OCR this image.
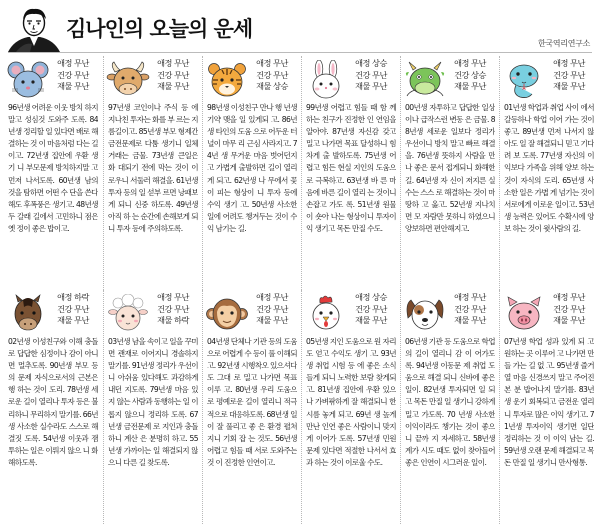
김나인의 오늘의 운세
한국역리연구소
애정 무난
건강 무난
재물 무난
96년생 어려운 이웃 방치 하지 말고 성심것 도와주 도록. 84년생 정리할 일 있다면 배로 해결하는 것 이 마음처럼 다는 길이고. 72년생 집안에 우환 생기 니 부모문제 방치하지말 고 먼저 나서도록. 60년생 남의 것을 탐하면 어떤 수 단을 쓴다해도 후폭풍은 생기고. 48년생 두 갈래 길에서 고민하니 점은 옛 정이 좋은 밥이고.
애정 무난
건강 무난
재물 무난
97년생 코인이나 주식 등 에 지나친 투자는 화를 부 르는 지름길이고. 85년생 부모 형제간 금전문제로 다툼 생기니 일체 거래는 금물. 73년생 큰일은 화 대되기 전에 막는 것이 이 로우니 서둘러 해결을. 61년생 투자 등의 일 섣부 르면 낭패보게 되니 신중 하도록. 49년생 아직 하 는 순간에 손해보게 되니 투자 등에 주의하도록.
애정 무난
건강 무난
재물 상승
98년생 이성친구 만나 행 년생기약 맺을 일 있게되 고. 86년생 타인의 도움 으로 어두운 터널이 마무 리 근심 사라지고. 74년 생 무거운 마음 벗어던지 고 가볍게 출발하면 길이 열리게 되고. 62년생 나 무에서 꽃이 피는 형상이 니 투자 등에 수익 생기 고. 50년생 사소한 일에 어려도 챙겨두는 것이 수익 남기는 길.
애정 상승
건강 무난
재물 무난
99년생 어렵고 힘들 때 함 께하는 친구가 진정한 인 연임을 알아야. 87년생 자신감 갖고 밀고 나가면 목표 달성하니 힘차게 출 발하도록. 75년생 어렵고 힘든 현실 지인의 도움으 로 극복하고. 63년생 바 른 마음에 바른 길이 열리 는 것이니 손잡고 가도 록. 51년생 원물이 숏아 나는 형상이니 투자이익 생기고 목돈 만질 수도.
애정 무난
건강 상승
재물 무난
00년생 자투하고 답답한 일상이나 급작스런 변동 은 금물. 88년생 세로운 일보다 정리가 우선이니 방치 말고 빠르 해결을. 76년생 뜻하지 사람을 만 나 좋은 문서 접게되니 화해한 길. 64년생 자 신이 저지른 실수는 스스 로 해결하는 것이 마땅하 고 옳고. 52년생 지나치면 모 자람만 못하니 하였으니 양보하면 편안해지고.
애정 무난
건강 무난
재물 무난
01년생 학업과 취업 사이 에서 갈등하나 학업 이어 가는 것이 좋고. 89년생 먼저 나서지 않아도 일 잘 해결되니 믿고 기다려 보 도록. 77년생 자신의 이 익보다 가족을 위해 양보 하는 것이 자식의 도리. 65년생 사소한 일은 가볍 게 넘기는 것이 서로에게 이로운 일이고. 53년생 능력은 있어도 수확시에 양보 하는 것이 윗사람의 길.
애정 하락
건강 무난
재물 무난
02년생 이성친구와 이해 충돌로 답답한 심정이나 감이 아니면 멀추도록. 90년생 부모 등의 문제 자식으로서의 근본은 행 하는 것이 도리. 78년생 세로운 길이 열리나 투자 등은 불리하니 무리하지 말기를. 66년생 사소한 실수라도 스스로 해결짓 도록. 54년생 이웃과 잼 투하는 일은 이뤄지 않으 니 화해하도록.
애정 무난
건강 무난
재물 하락
03년생 남을 속이고 일을 꾸미면 괜재로 이어지니 경솔하지 말기를. 91년생 정리가 우선이니 아쉬움 있다해도 과감하게 내던 지도록. 79년생 마음 있 지 않는 사람과 동행하는 일 이롭지 않으니 정리하 도록. 67년생 금전문제 로 지인과 충돌하니 계산 은 분명히 하고. 55년생 가까이는 일 해결되지 않 으니 다른 길 찾도록.
애정 무난
건강 무난
재물 무난
04년생 단체나 기관 등의 도움으로 어렵게 수 등이 풀 이해되고. 92년생 시행착오 있으셔다도 그대 로 밀고 나가면 목표 이루 고. 80년생 우리 도움으 로 평예로운 길이 열리니 적극적으로 대응하도록. 68년생 일이 잘 풀리고 좋 은 환경 펼쳐지니 기회 잡 는 것도. 56년생 어렵고 힘들 때 서로 도와주는 것 이 진정한 인연이고.
애정 상승
건강 무난
재물 무난
05년생 지인 도움으로 원 자리도 얻고 수익도 생기 고. 93년생 취업 시험 등 에 좋은 소식 들게 되니 노력한 보람 찾게되고. 81년생 집안에 우환 있으 나 가벼팎하게 잘 해결되니 한시름 놓게 되고. 69년 생 높게 만난 인연 좋은 사람이니 맞지게 이어가 도록. 57년생 민원문제 있다면 적절한 나서서 효과 하는 것이 이로울 수도.
애정 무난
건강 무난
재물 무난
06년생 기관 등 도움으로 학업의 길이 열리니 감 이 어가도록. 94년생 이동문 제 취업 도움으로 해결 되니 신바에 좋은 일이. 82년생 투자되면 일 되고 목돈 만질 일 생기니 강하게 밀고 가도록. 70 년생 사소한 이익이라도 챙기는 것이 좋으니 끝까 지 자세하고. 58년생 계가 시도 때도 없이 찾아들어 좋은 인연이 시그러운 일이.
애정 무난
건강 무난
재물 무난
07년생 학업 성과 있게 되 고 원하는 곳 이루어 고 나가면 만들 가는 길 없 고. 95년생 즐거 열 마음 신경쓰지 말고 주어진 본 분 밥어나지 말기를. 83년 생 운기 회복되고 금전운 열리니 투자로 많은 이익 생기고. 71년생 투자이익 생기면 일단 정리하는 것 이 이익 남는 길. 59년생 오랜 문제 해결되고 목돈 만질 일 생기니 만사형통.
